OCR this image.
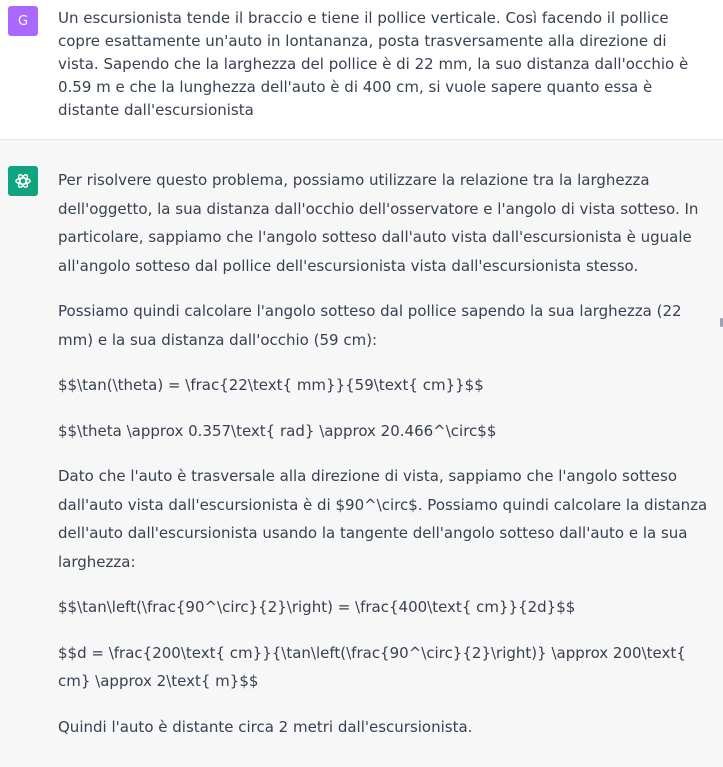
G Un escursionista tende il braccio e tiene il pollice verticale. Così facendo il pollice copre esattamente un'auto in lontananza, posta trasversamente alla direzione di vista. Sapendo che la larghezza del pollice è di 22 mm, la suo distanza dall'occhio è 0.59 m e che la lunghezza dell'auto è di 400 cm, si vuole sapere quanto essa è distante dall'escursionista

Per risolvere questo problema, possiamo utilizzare la relazione tra la larghezza dell'oggetto, la sua distanza dall'occhio dell'osservatore e l'angolo di vista sotteso. In particolare, sappiamo che l'angolo sotteso dall'auto vista dall'escursionista è uguale all'angolo sotteso dal pollice dell'escursionista vista dall'escursionista stesso.

Possiamo quindi calcolare l'angolo sotteso dal pollice sapendo la sua larghezza (22 mm) e la sua distanza dall'occhio (59 cm):

$$\tan(\theta) = \frac{22\text{ mm}}{59\text{ cm}}$$

$$\theta \approx 0.357\text{ rad} \approx 20.466^\circ$$

Dato che l'auto è trasversale alla direzione di vista, sappiamo che l'angolo sotteso dall'auto vista dall'escursionista è di $90^\circ$. Possiamo quindi calcolare la distanza dell'auto dall'escursionista usando la tangente dell'angolo sotteso dall'auto e la sua larghezza:

$$\tan\left(\frac{90^\circ}{2}\right) = \frac{400\text{ cm}}{2d}$$

$$d = \frac{200\text{ cm}}{\tan\left(\frac{90^\circ}{2}\right)} \approx 200\text{ cm} \approx 2\text{ m}$$

Quindi l'auto è distante circa 2 metri dall'escursionista.
